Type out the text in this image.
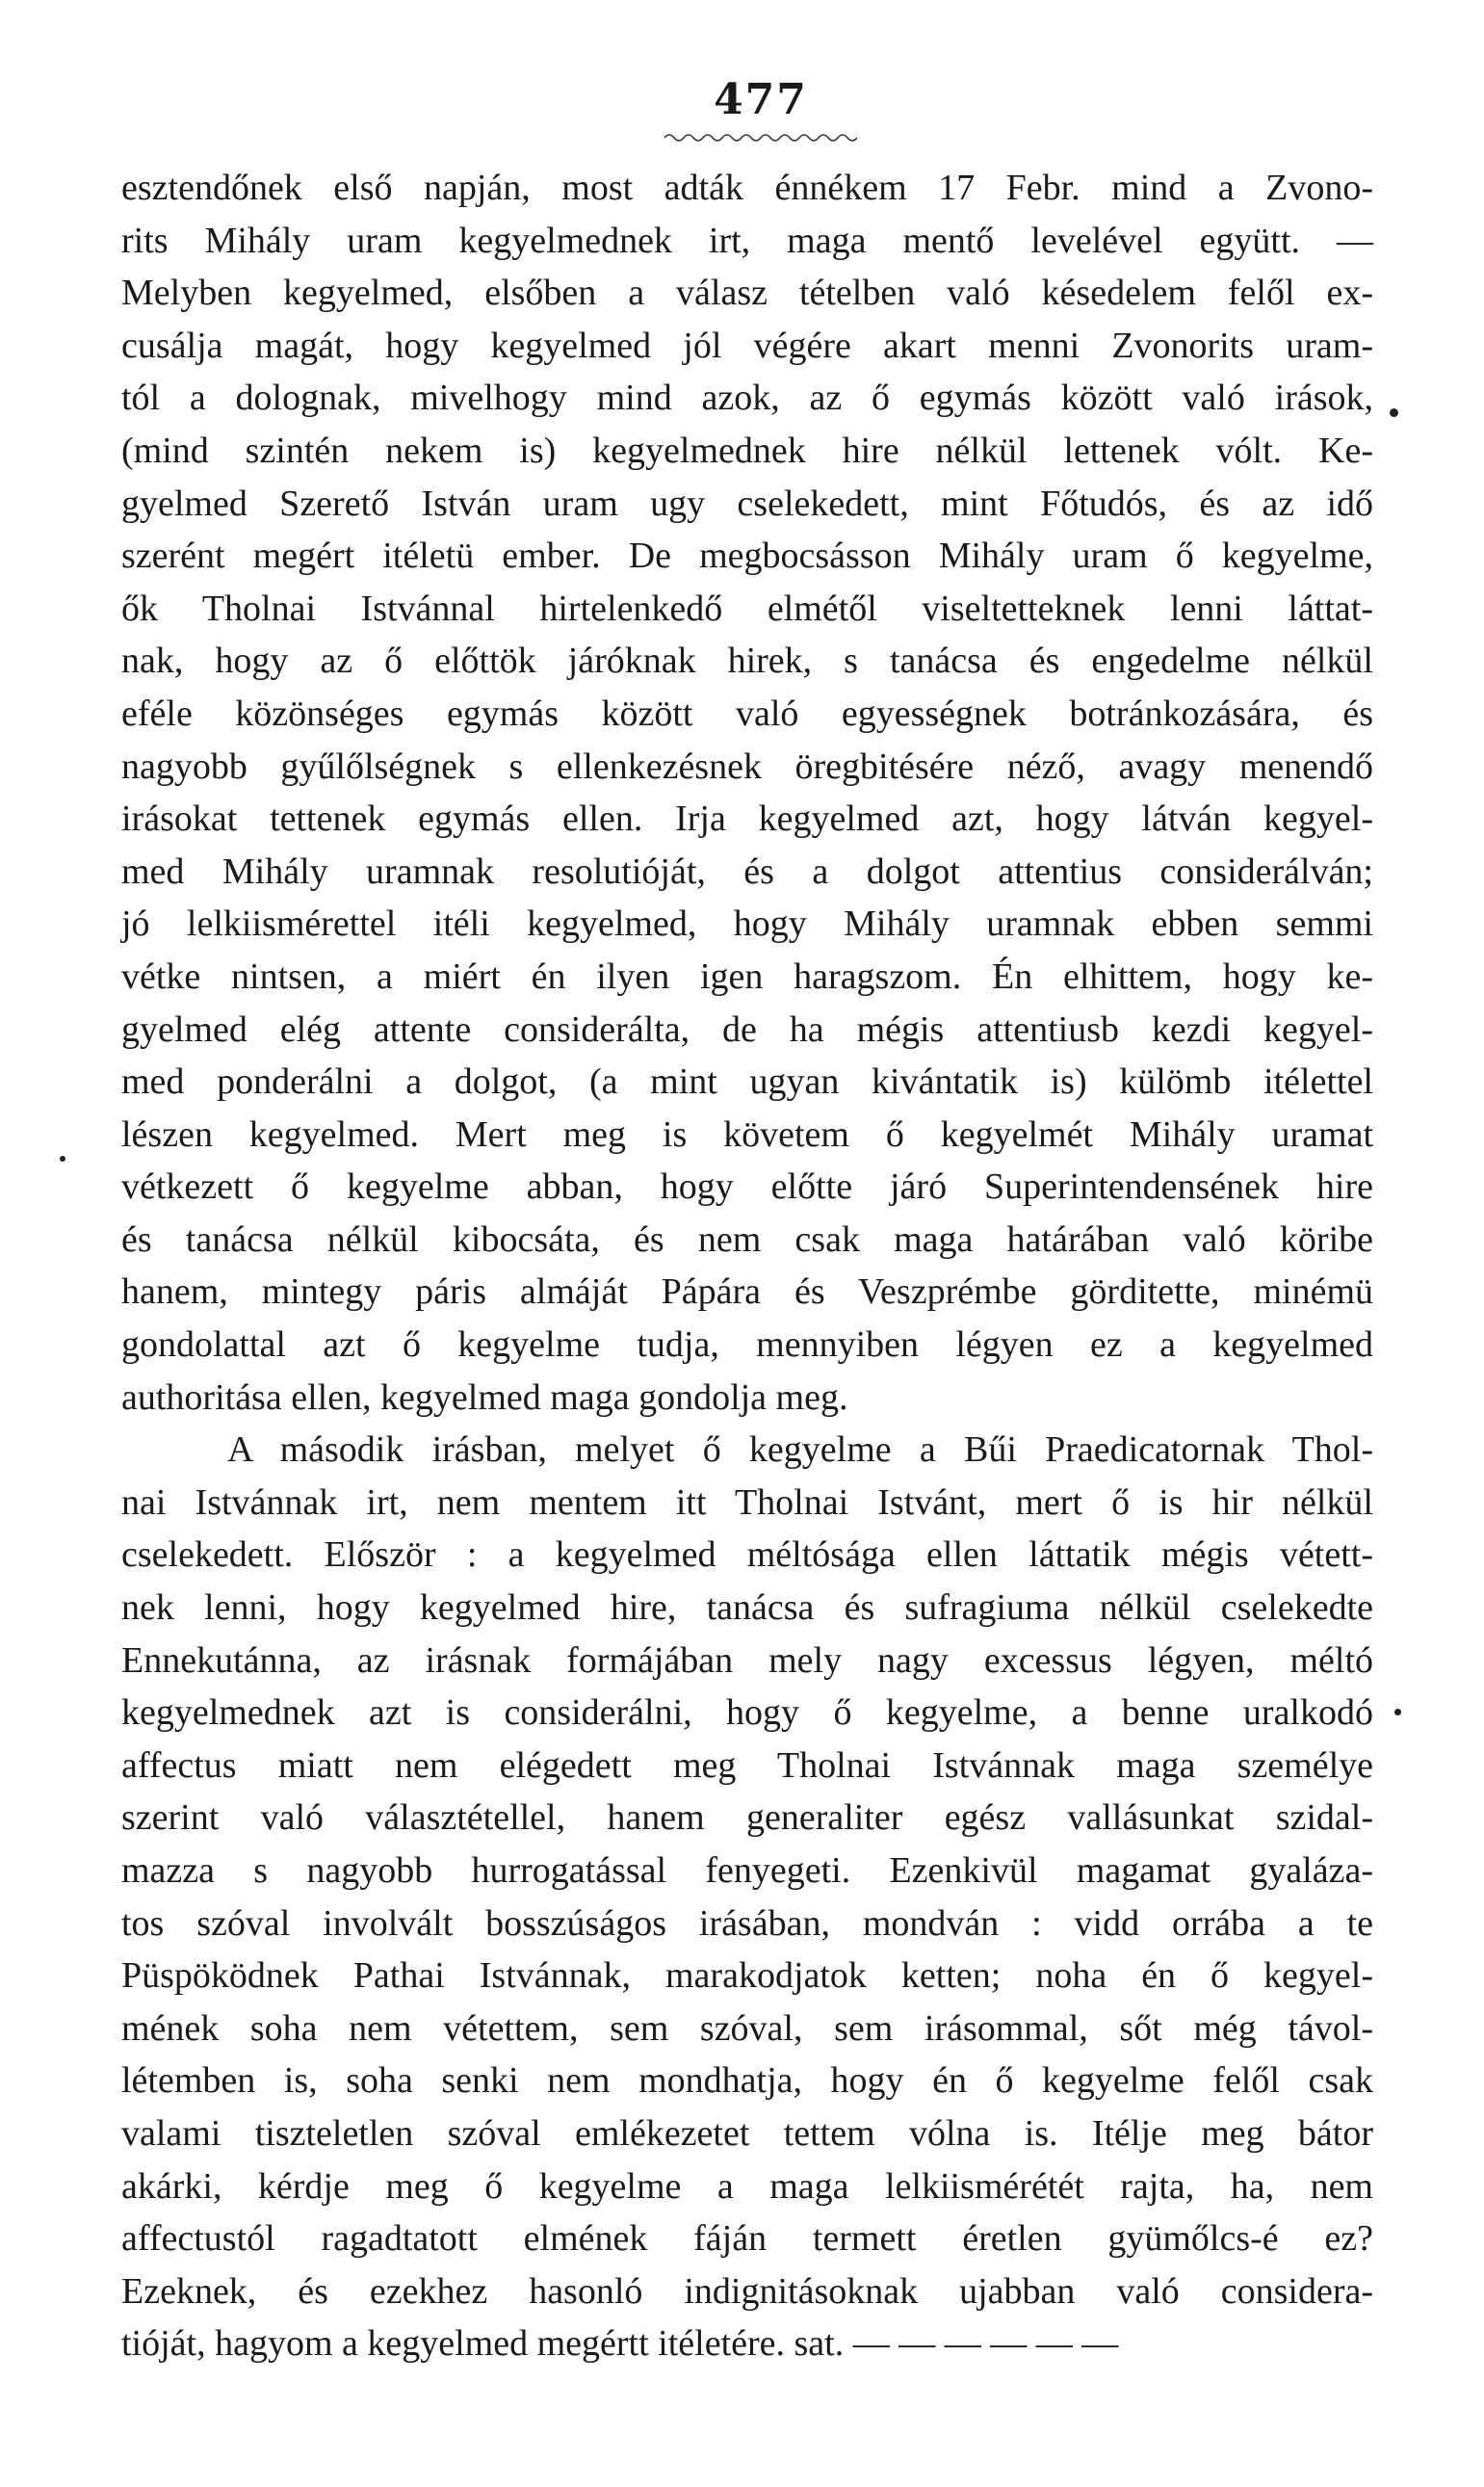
477
esztendőnek első napján, most adták énnékem 17 Febr. mind a Zvono-
rits Mihály uram kegyelmednek irt, maga mentő levelével együtt. —
Melyben kegyelmed, elsőben a válasz tételben való késedelem felől ex-
cusálja magát, hogy kegyelmed jól végére akart menni Zvonorits uram-
tól a dolognak, mivelhogy mind azok, az ő egymás között való irások,
(mind szintén nekem is) kegyelmednek hire nélkül lettenek vólt. Ke-
gyelmed Szerető István uram ugy cselekedett, mint Főtudós, és az idő
szerént megért itéletü ember. De megbocsásson Mihály uram ő kegyelme,
ők Tholnai Istvánnal hirtelenkedő elmétől viseltetteknek lenni láttat-
nak, hogy az ő előttök járóknak hirek, s tanácsa és engedelme nélkül
eféle közönséges egymás között való egyességnek botránkozására, és
nagyobb gyűlőlségnek s ellenkezésnek öregbitésére néző, avagy menendő
irásokat tettenek egymás ellen. Irja kegyelmed azt, hogy látván kegyel-
med Mihály uramnak resolutióját, és a dolgot attentius considerálván;
jó lelkiismérettel itéli kegyelmed, hogy Mihály uramnak ebben semmi
vétke nintsen, a miért én ilyen igen haragszom. Én elhittem, hogy ke-
gyelmed elég attente considerálta, de ha mégis attentiusb kezdi kegyel-
med ponderálni a dolgot, (a mint ugyan kivántatik is) külömb itélettel
lészen kegyelmed. Mert meg is követem ő kegyelmét Mihály uramat
vétkezett ő kegyelme abban, hogy előtte járó Superintendensének hire
és tanácsa nélkül kibocsáta, és nem csak maga határában való köribe
hanem, mintegy páris almáját Pápára és Veszprémbe görditette, minémü
gondolattal azt ő kegyelme tudja, mennyiben légyen ez a kegyelmed
authoritása ellen, kegyelmed maga gondolja meg.
A második irásban, melyet ő kegyelme a Bűi Praedicatornak Thol-
nai Istvánnak irt, nem mentem itt Tholnai Istvánt, mert ő is hir nélkül
cselekedett. Először : a kegyelmed méltósága ellen láttatik mégis vétett-
nek lenni, hogy kegyelmed hire, tanácsa és sufragiuma nélkül cselekedte
Ennekutánna, az irásnak formájában mely nagy excessus légyen, méltó
kegyelmednek azt is considerálni, hogy ő kegyelme, a benne uralkodó
affectus miatt nem elégedett meg Tholnai Istvánnak maga személye
szerint való választétellel, hanem generaliter egész vallásunkat szidal-
mazza s nagyobb hurrogatással fenyegeti. Ezenkivül magamat gyaláza-
tos szóval involvált bosszúságos irásában, mondván : vidd orrába a te
Püspöködnek Pathai Istvánnak, marakodjatok ketten; noha én ő kegyel-
mének soha nem vétettem, sem szóval, sem irásommal, sőt még távol-
létemben is, soha senki nem mondhatja, hogy én ő kegyelme felől csak
valami tiszteletlen szóval emlékezetet tettem vólna is. Itélje meg bátor
akárki, kérdje meg ő kegyelme a maga lelkiismérétét rajta, ha, nem
affectustól ragadtatott elmének fáján termett éretlen gyümőlcs-é ez?
Ezeknek, és ezekhez hasonló indignitásoknak ujabban való considera-
tióját, hagyom a kegyelmed megértt itéletére. sat. — — — — — —
